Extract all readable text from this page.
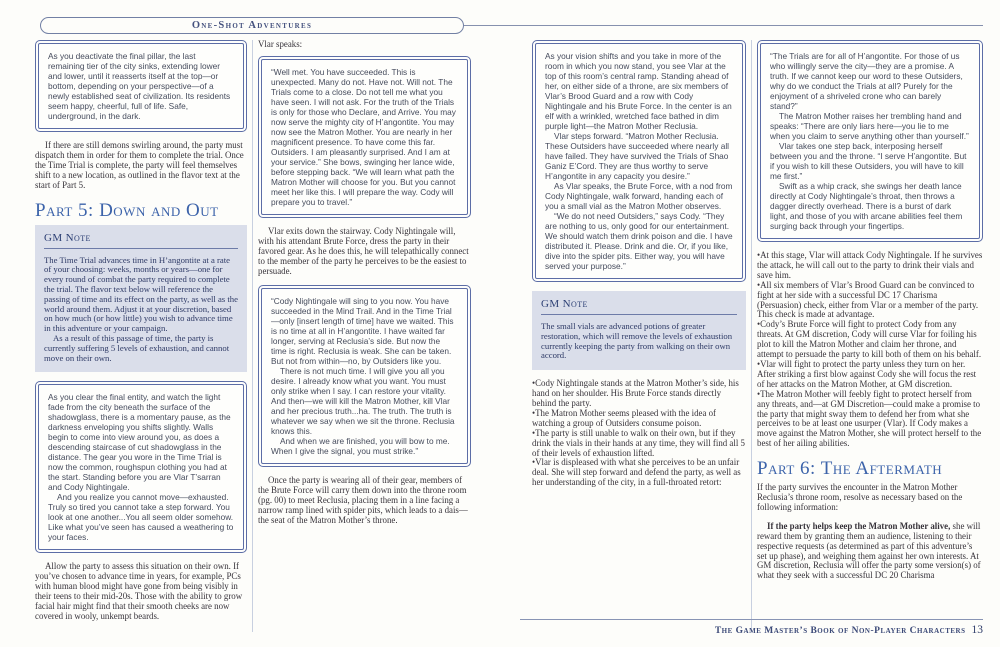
One-Shot Adventures

As you deactivate the final pillar, the last remaining tier of the city sinks, extending lower and lower, until it reasserts itself at the top—or bottom, depending on your perspective—of a newly established seat of civilization. Its residents seem happy, cheerful, full of life. Safe, underground, in the dark.

If there are still demons swirling around, the party must dispatch them in order for them to complete the trial. Once the Time Trial is complete, the party will feel themselves shift to a new location, as outlined in the flavor text at the start of Part 5.

Part 5: Down and Out
GM Note

The Time Trial advances time in H’angontite at a rate of your choosing: weeks, months or years—one for every round of combat the party required to complete the trial. The flavor text below will reference the passing of time and its effect on the party, as well as the world around them. Adjust it at your discretion, based on how much (or how little) you wish to advance time in this adventure or your campaign.

As a result of this passage of time, the party is currently suffering 5 levels of exhaustion, and cannot move on their own.

As you clear the final entity, and watch the light fade from the city beneath the surface of the shadowglass, there is a momentary pause, as the darkness enveloping you shifts slightly. Walls begin to come into view around you, as does a descending staircase of cut shadowglass in the distance. The gear you wore in the Time Trial is now the common, roughspun clothing you had at the start. Standing before you are Vlar T’sarran and Cody Nightingale.

And you realize you cannot move—exhausted. Truly so tired you cannot take a step forward. You look at one another...You all seem older somehow. Like what you’ve seen has caused a weathering to your faces.

Allow the party to assess this situation on their own. If you’ve chosen to advance time in years, for example, PCs with human blood might have gone from being visibly in their teens to their mid-20s. Those with the ability to grow facial hair might find that their smooth cheeks are now covered in wooly, unkempt beards.

Vlar speaks:

“Well met. You have succeeded. This is unexpected. Many do not. Have not. Will not. The Trials come to a close. Do not tell me what you have seen. I will not ask. For the truth of the Trials is only for those who Declare, and Arrive. You may now serve the mighty city of H’angontite. You may now see the Matron Mother. You are nearly in her magnificent presence. To have come this far. Outsiders. I am pleasantly surprised. And I am at your service.” She bows, swinging her lance wide, before stepping back. “We will learn what path the Matron Mother will choose for you. But you cannot meet her like this. I will prepare the way. Cody will prepare you to travel.”

Vlar exits down the stairway. Cody Nightingale will, with his attendant Brute Force, dress the party in their favored gear. As he does this, he will telepathically connect to the member of the party he perceives to be the easiest to persuade.

“Cody Nightingale will sing to you now. You have succeeded in the Mind Trail. And in the Time Trial—only [insert length of time] have we waited. This is no time at all in H’angontite. I have waited far longer, serving at Reclusia’s side. But now the time is right. Reclusia is weak. She can be taken. But not from within—no, by Outsiders like you.

There is not much time. I will give you all you desire. I already know what you want. You must only strike when I say. I can restore your vitality. And then—we will kill the Matron Mother, kill Vlar and her precious truth...ha. The truth. The truth is whatever we say when we sit the throne. Reclusia knows this.

And when we are finished, you will bow to me. When I give the signal, you must strike.”

Once the party is wearing all of their gear, members of the Brute Force will carry them down into the throne room (pg. 00) to meet Reclusia, placing them in a line facing a narrow ramp lined with spider pits, which leads to a dais—the seat of the Matron Mother’s throne.

As your vision shifts and you take in more of the room in which you now stand, you see Vlar at the top of this room’s central ramp. Standing ahead of her, on either side of a throne, are six members of Vlar’s Brood Guard and a row with Cody Nightingale and his Brute Force. In the center is an elf with a wrinkled, wretched face bathed in dim purple light—the Matron Mother Reclusia.

Vlar steps forward. “Matron Mother Reclusia. These Outsiders have succeeded where nearly all have failed. They have survived the Trials of Shao Ganiz E’Cord. They are thus worthy to serve H’angontite in any capacity you desire.”

As Vlar speaks, the Brute Force, with a nod from Cody Nightingale, walk forward, handing each of you a small vial as the Matron Mother observes.

“We do not need Outsiders,” says Cody. “They are nothing to us, only good for our entertainment. We should watch them drink poison and die. I have distributed it. Please. Drink and die. Or, if you like, dive into the spider pits. Either way, you will have served your purpose.”

GM Note

The small vials are advanced potions of greater restoration, which will remove the levels of exhaustion currently keeping the party from walking on their own accord.

• Cody Nightingale stands at the Matron Mother’s side, his hand on her shoulder. His Brute Force stands directly behind the party.

• The Matron Mother seems pleased with the idea of watching a group of Outsiders consume poison.

• The party is still unable to walk on their own, but if they drink the vials in their hands at any time, they will find all 5 of their levels of exhaustion lifted.

• Vlar is displeased with what she perceives to be an unfair deal. She will step forward and defend the party, as well as her understanding of the city, in a full-throated retort:

“The Trials are for all of H’angontite. For those of us who willingly serve the city—they are a promise. A truth. If we cannot keep our word to these Outsiders, why do we conduct the Trials at all? Purely for the enjoyment of a shriveled crone who can barely stand?”

The Matron Mother raises her trembling hand and speaks: “There are only liars here—you lie to me when you claim to serve anything other than yourself.”

Vlar takes one step back, interposing herself between you and the throne. “I serve H’angontite. But if you wish to kill these Outsiders, you will have to kill me first.”

Swift as a whip crack, she swings her death lance directly at Cody Nightingale’s throat, then throws a dagger directly overhead. There is a burst of dark light, and those of you with arcane abilities feel them surging back through your fingertips.

• At this stage, Vlar will attack Cody Nightingale. If he survives the attack, he will call out to the party to drink their vials and save him.

• All six members of Vlar’s Brood Guard can be convinced to fight at her side with a successful DC 17 Charisma (Persuasion) check, either from Vlar or a member of the party. This check is made at advantage.

• Cody’s Brute Force will fight to protect Cody from any threats. At GM discretion, Cody will curse Vlar for foiling his plot to kill the Matron Mother and claim her throne, and attempt to persuade the party to kill both of them on his behalf.

• Vlar will fight to protect the party unless they turn on her. After striking a first blow against Cody she will focus the rest of her attacks on the Matron Mother, at GM discretion.

• The Matron Mother will feebly fight to protect herself from any threats, and—at GM Discretion—could make a promise to the party that might sway them to defend her from what she perceives to be at least one usurper (Vlar). If Cody makes a move against the Matron Mother, she will protect herself to the best of her ailing abilities.

Part 6: The Aftermath

If the party survives the encounter in the Matron Mother Reclusia’s throne room, resolve as necessary based on the following information:

If the party helps keep the Matron Mother alive, she will reward them by granting them an audience, listening to their respective requests (as determined as part of this adventure’s set up phase), and weighing them against her own interests. At GM discretion, Reclusia will offer the party some version(s) of what they seek with a successful DC 20 Charisma

The Game Master’s Book of Non-Player Characters 13
